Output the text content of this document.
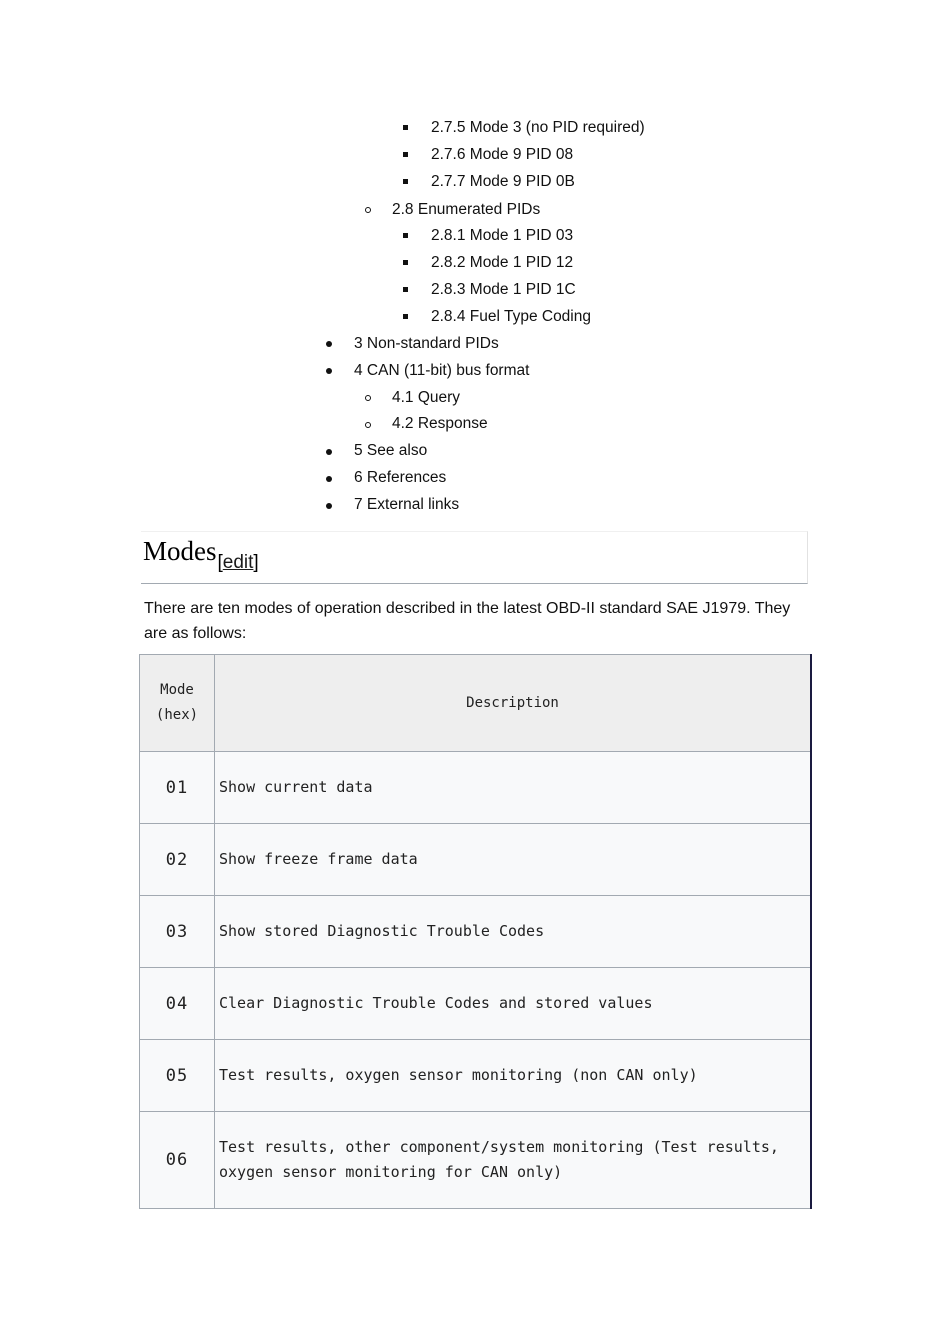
2.7.5 Mode 3 (no PID required)
2.7.6 Mode 9 PID 08
2.7.7 Mode 9 PID 0B
2.8 Enumerated PIDs
2.8.1 Mode 1 PID 03
2.8.2 Mode 1 PID 12
2.8.3 Mode 1 PID 1C
2.8.4 Fuel Type Coding
3 Non-standard PIDs
4 CAN (11-bit) bus format
4.1 Query
4.2 Response
5 See also
6 References
7 External links
Modes$_{[edit]}$

There are ten modes of operation described in the latest OBD-II standard SAE J1979. They are as follows:

Mode
(hex)	Description
01	Show current data
02	Show freeze frame data
03	Show stored Diagnostic Trouble Codes
04	Clear Diagnostic Trouble Codes and stored values
05	Test results, oxygen sensor monitoring (non CAN only)
06	Test results, other component/system monitoring (Test results, oxygen sensor monitoring for CAN only)
